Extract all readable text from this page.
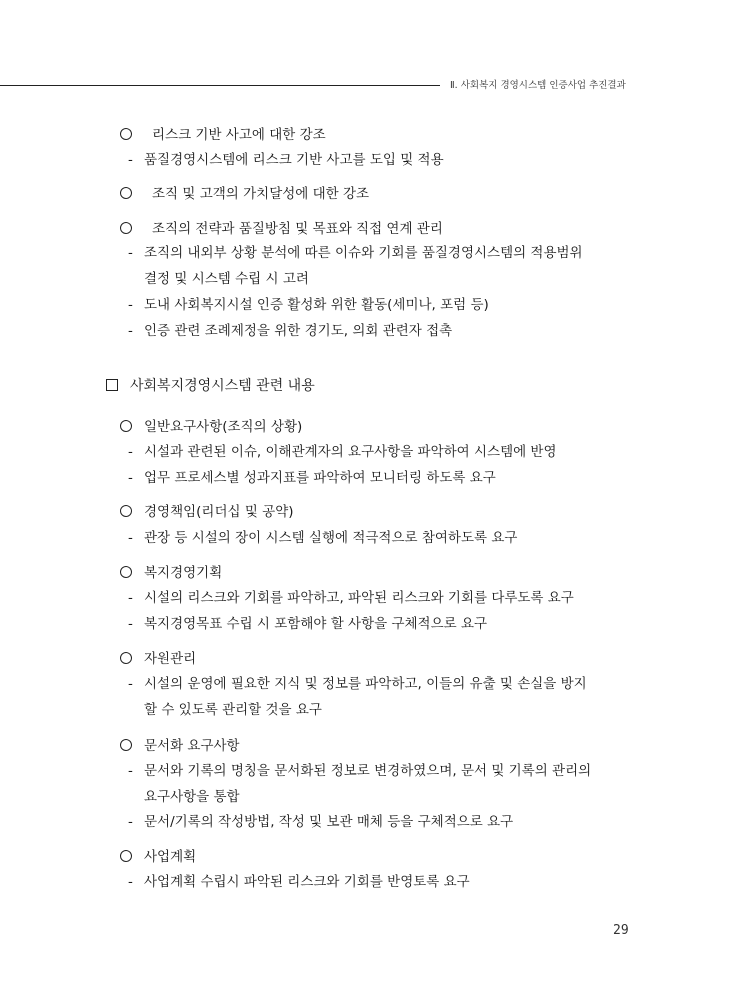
Ⅱ. 사회복지 경영시스템 인증사업 추진결과
리스크 기반 사고에 대한 강조
- 품질경영시스템에 리스크 기반 사고를 도입 및 적용
조직 및 고객의 가치달성에 대한 강조
조직의 전략과 품질방침 및 목표와 직접 연계 관리
- 조직의 내외부 상황 분석에 따른 이슈와 기회를 품질경영시스템의 적용범위
결정 및 시스템 수립 시 고려
- 도내 사회복지시설 인증 활성화 위한 활동(세미나, 포럼 등)
- 인증 관련 조례제정을 위한 경기도, 의회 관련자 접촉
사회복지경영시스템 관련 내용
일반요구사항(조직의 상황)
- 시설과 관련된 이슈, 이해관계자의 요구사항을 파악하여 시스템에 반영
- 업무 프로세스별 성과지표를 파악하여 모니터링 하도록 요구
경영책임(리더십 및 공약)
- 관장 등 시설의 장이 시스템 실행에 적극적으로 참여하도록 요구
복지경영기획
- 시설의 리스크와 기회를 파악하고, 파악된 리스크와 기회를 다루도록 요구
- 복지경영목표 수립 시 포함해야 할 사항을 구체적으로 요구
자원관리
- 시설의 운영에 필요한 지식 및 정보를 파악하고, 이들의 유출 및 손실을 방지
할 수 있도록 관리할 것을 요구
문서화 요구사항
- 문서와 기록의 명칭을 문서화된 정보로 변경하였으며, 문서 및 기록의 관리의
요구사항을 통합
- 문서/기록의 작성방법, 작성 및 보관 매체 등을 구체적으로 요구
사업계획
- 사업계획 수립시 파악된 리스크와 기회를 반영토록 요구
29
